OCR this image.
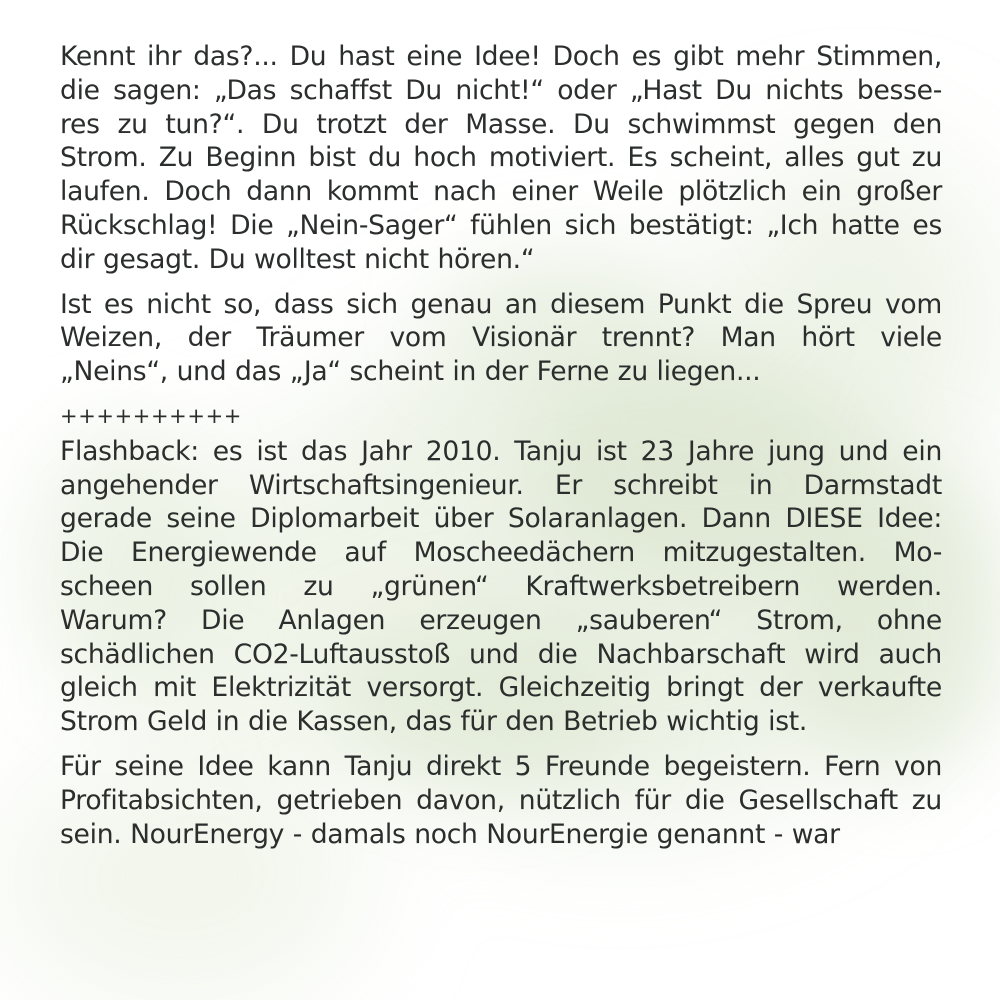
Kennt ihr das?... Du hast eine Idee! Doch es gibt mehr Stimmen,
die sagen: „Das schaffst Du nicht!“ oder „Hast Du nichts besse-
res zu tun?“. Du trotzt der Masse. Du schwimmst gegen den
Strom. Zu Beginn bist du hoch motiviert. Es scheint, alles gut zu
laufen. Doch dann kommt nach einer Weile plötzlich ein großer
Rückschlag! Die „Nein-Sager“ fühlen sich bestätigt: „Ich hatte es
dir gesagt. Du wolltest nicht hören.“

Ist es nicht so, dass sich genau an diesem Punkt die Spreu vom
Weizen, der Träumer vom Visionär trennt? Man hört viele
„Neins“, und das „Ja“ scheint in der Ferne zu liegen...

++++++++++

Flashback: es ist das Jahr 2010. Tanju ist 23 Jahre jung und ein
angehender Wirtschaftsingenieur. Er schreibt in Darmstadt
gerade seine Diplomarbeit über Solaranlagen. Dann DIESE Idee:
Die Energiewende auf Moscheedächern mitzugestalten. Mo-
scheen sollen zu „grünen“ Kraftwerksbetreibern werden.
Warum? Die Anlagen erzeugen „sauberen“ Strom, ohne
schädlichen CO2-Luftausstoß und die Nachbarschaft wird auch
gleich mit Elektrizität versorgt. Gleichzeitig bringt der verkaufte
Strom Geld in die Kassen, das für den Betrieb wichtig ist.

Für seine Idee kann Tanju direkt 5 Freunde begeistern. Fern von
Profitabsichten, getrieben davon, nützlich für die Gesellschaft zu
sein. NourEnergy - damals noch NourEnergie genannt - war
